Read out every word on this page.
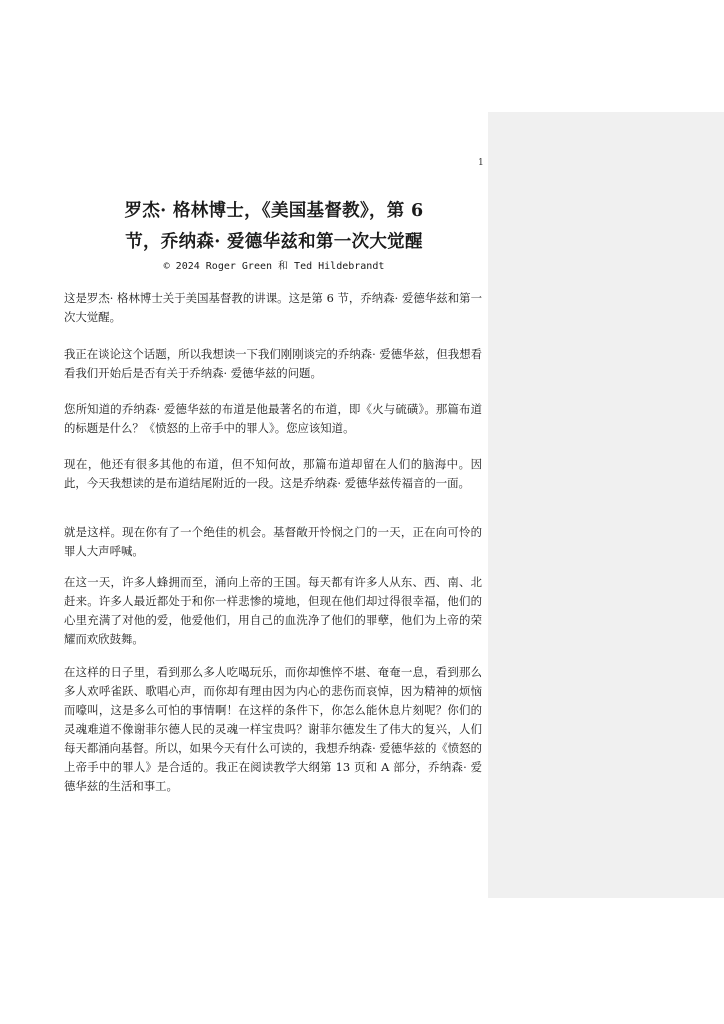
1
罗杰· 格林博士，《美国基督教》，第 6
节，乔纳森· 爱德华兹和第一次大觉醒
© 2024 Roger Green 和 Ted Hildebrandt

这是罗杰· 格林博士关于美国基督教的讲课。这是第 6 节，乔纳森· 爱德华兹和第一次大觉醒。

我正在谈论这个话题，所以我想读一下我们刚刚谈完的乔纳森· 爱德华兹，但我想看看我们开始后是否有关于乔纳森· 爱德华兹的问题。

您所知道的乔纳森· 爱德华兹的布道是他最著名的布道，即《火与硫磺》。那篇布道的标题是什么？《愤怒的上帝手中的罪人》。您应该知道。

现在，他还有很多其他的布道，但不知何故，那篇布道却留在人们的脑海中。因此，今天我想读的是布道结尾附近的一段。这是乔纳森· 爱德华兹传福音的一面。

就是这样。现在你有了一个绝佳的机会。基督敞开怜悯之门的一天，正在向可怜的罪人大声呼喊。

在这一天，许多人蜂拥而至，涌向上帝的王国。每天都有许多人从东、西、南、北赶来。许多人最近都处于和你一样悲惨的境地，但现在他们却过得很幸福，他们的心里充满了对他的爱，他爱他们，用自己的血洗净了他们的罪孽，他们为上帝的荣耀而欢欣鼓舞。

在这样的日子里，看到那么多人吃喝玩乐，而你却憔悴不堪、奄奄一息，看到那么多人欢呼雀跃、歌唱心声，而你却有理由因为内心的悲伤而哀悼，因为精神的烦恼而嚎叫，这是多么可怕的事情啊！在这样的条件下，你怎么能休息片刻呢？你们的灵魂难道不像谢菲尔德人民的灵魂一样宝贵吗？谢菲尔德发生了伟大的复兴，人们每天都涌向基督。所以，如果今天有什么可读的，我想乔纳森· 爱德华兹的《愤怒的上帝手中的罪人》是合适的。我正在阅读教学大纲第 13 页和 A 部分，乔纳森· 爱德华兹的生活和事工。
